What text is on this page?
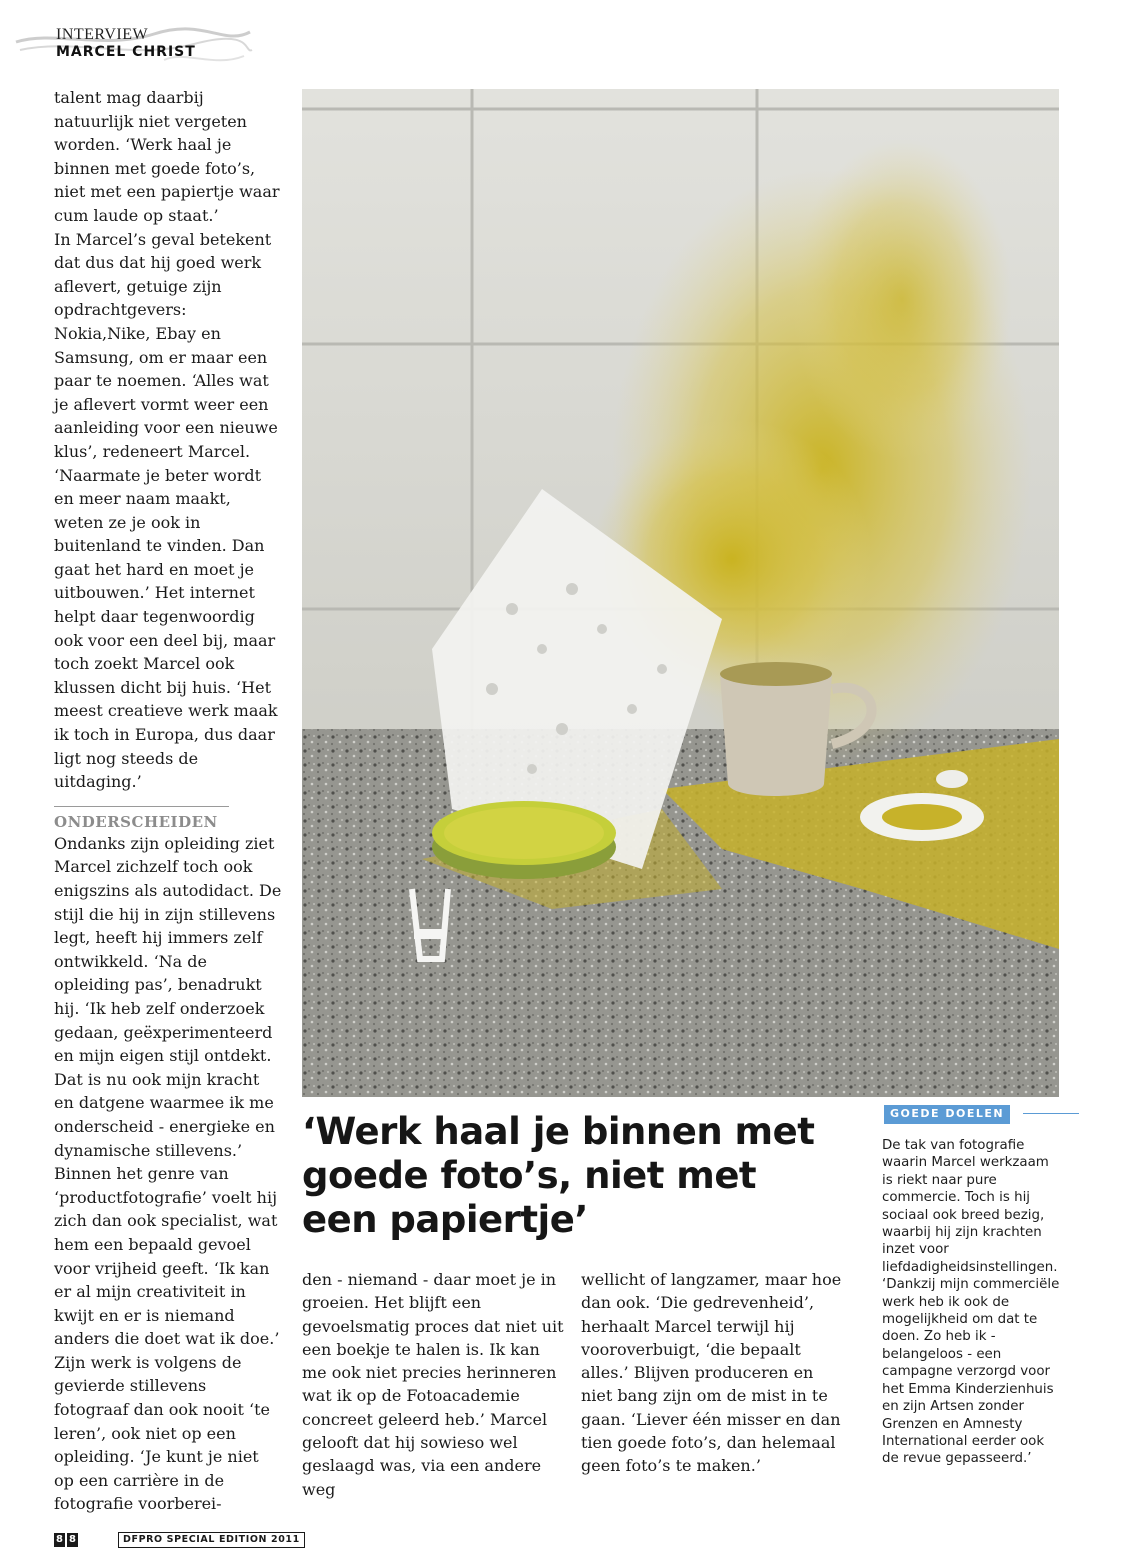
INTERVIEW
MARCEL CHRIST

talent mag daarbij natuurlijk niet vergeten worden. ‘Werk haal je binnen met goede foto’s, niet met een papiertje waar cum laude op staat.’

In Marcel’s geval betekent dat dus dat hij goed werk aflevert, getuige zijn opdrachtgevers: Nokia,Nike, Ebay en Samsung, om er maar een paar te noemen. ‘Alles wat je aflevert vormt weer een aanleiding voor een nieuwe klus’, redeneert Marcel. ‘Naarmate je beter wordt en meer naam maakt, weten ze je ook in buitenland te vinden. Dan gaat het hard en moet je uitbouwen.’ Het internet helpt daar tegenwoordig ook voor een deel bij, maar toch zoekt Marcel ook klussen dicht bij huis. ‘Het meest creatieve werk maak ik toch in Europa, dus daar ligt nog steeds de uitdaging.’

ONDERSCHEIDEN

Ondanks zijn opleiding ziet Marcel zichzelf toch ook enigszins als autodidact. De stijl die hij in zijn stillevens legt, heeft hij immers zelf ontwikkeld. ‘Na de opleiding pas’, benadrukt hij. ‘Ik heb zelf onderzoek gedaan, geëxperimenteerd en mijn eigen stijl ontdekt. Dat is nu ook mijn kracht en datgene waarmee ik me onderscheid - energieke en dynamische stillevens.’ Binnen het genre van ‘productfotografie’ voelt hij zich dan ook specialist, wat hem een bepaald gevoel voor vrijheid geeft. ‘Ik kan er al mijn creativiteit in kwijt en er is niemand anders die doet wat ik doe.’

Zijn werk is volgens de gevierde stillevens fotograaf dan ook nooit ‘te leren’, ook niet op een opleiding. ‘Je kunt je niet op een carrière in de fotografie voorberei-

‘Werk haal je binnen met goede foto’s, niet met een papiertje’

den - niemand - daar moet je in groeien. Het blijft een gevoelsmatig proces dat niet uit een boekje te halen is. Ik kan me ook niet precies herinneren wat ik op de Fotoacademie concreet geleerd heb.’ Marcel gelooft dat hij sowieso wel geslaagd was, via een andere weg

wellicht of langzamer, maar hoe dan ook. ‘Die gedrevenheid’, herhaalt Marcel terwijl hij vooroverbuigt, ‘die bepaalt alles.’ Blijven produceren en niet bang zijn om de mist in te gaan. ‘Liever één misser en dan tien goede foto’s, dan helemaal geen foto’s te maken.’

GOEDE DOELEN

De tak van fotografie waarin Marcel werkzaam is riekt naar pure commercie. Toch is hij sociaal ook breed bezig, waarbij hij zijn krachten inzet voor liefdadigheidsinstellingen. ‘Dankzij mijn commerciële werk heb ik ook de mogelijkheid om dat te doen. Zo heb ik - belangeloos - een campagne verzorgd voor het Emma Kinderzienhuis en zijn Artsen zonder Grenzen en Amnesty International eerder ook de revue gepasseerd.’

8 8	DFPRO SPECIAL EDITION 2011
